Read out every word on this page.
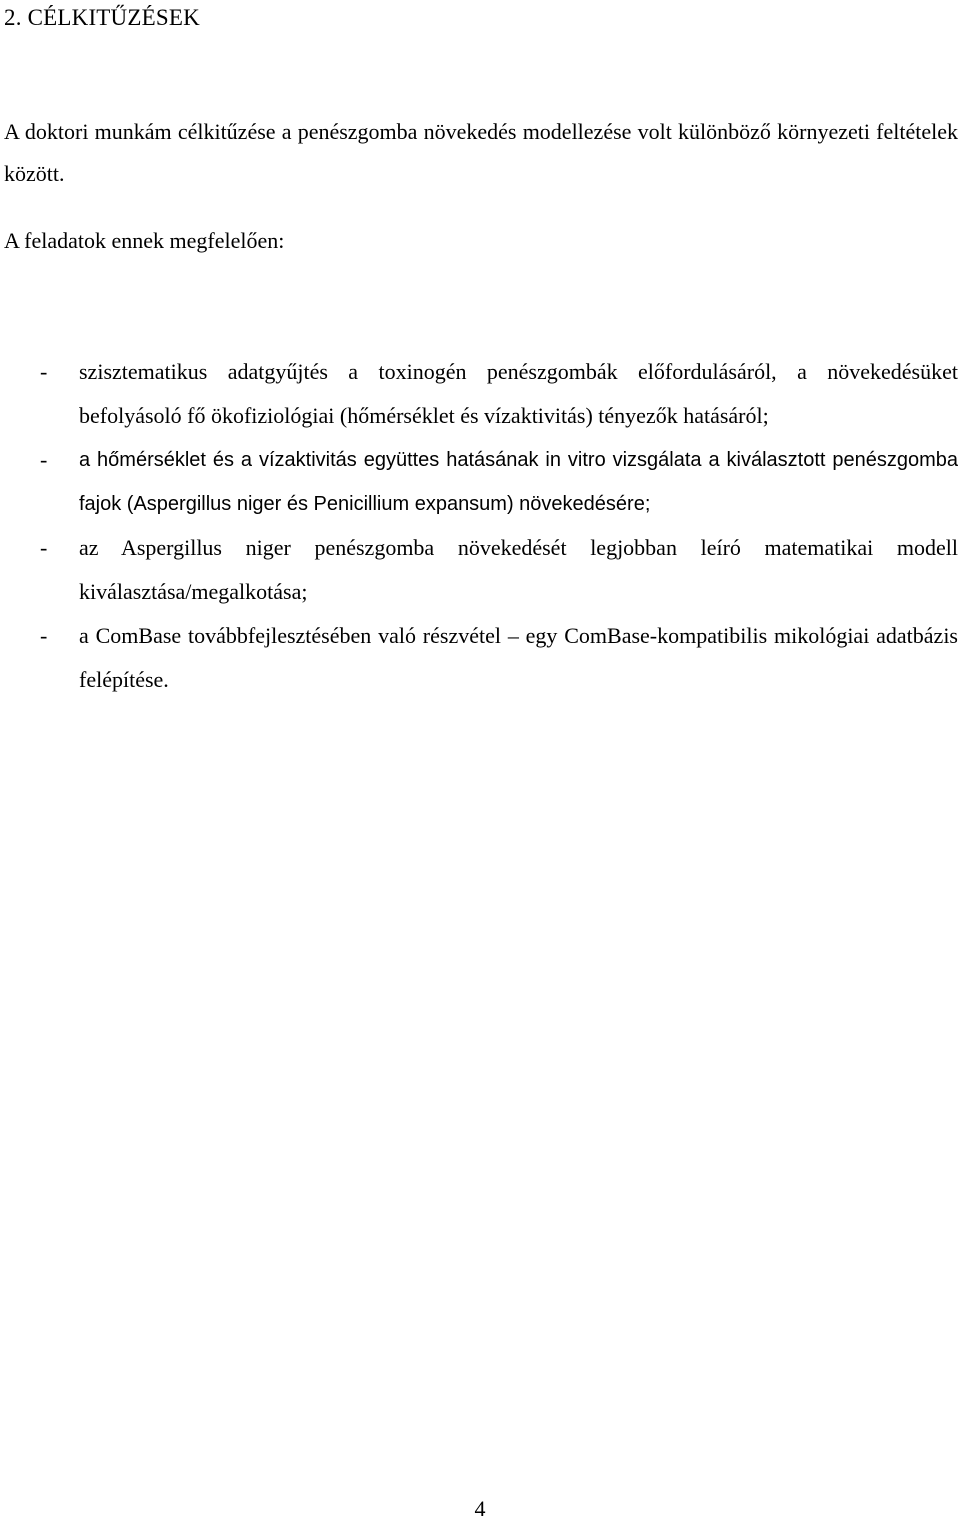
2. CÉLKITŰZÉSEK

A doktori munkám célkitűzése a penészgomba növekedés modellezése volt különböző környezeti feltételek között.

A feladatok ennek megfelelően:

- szisztematikus adatgyűjtés a toxinogén penészgombák előfordulásáról, a növekedésüket befolyásoló fő ökofiziológiai (hőmérséklet és vízaktivitás) tényezők hatásáról;
- a hőmérséklet és a vízaktivitás együttes hatásának in vitro vizsgálata a kiválasztott penészgomba fajok (Aspergillus niger és Penicillium expansum) növekedésére;
- az Aspergillus niger penészgomba növekedését legjobban leíró matematikai modell kiválasztása/megalkotása;
- a ComBase továbbfejlesztésében való részvétel – egy ComBase-kompatibilis mikológiai adatbázis felépítése.
4
